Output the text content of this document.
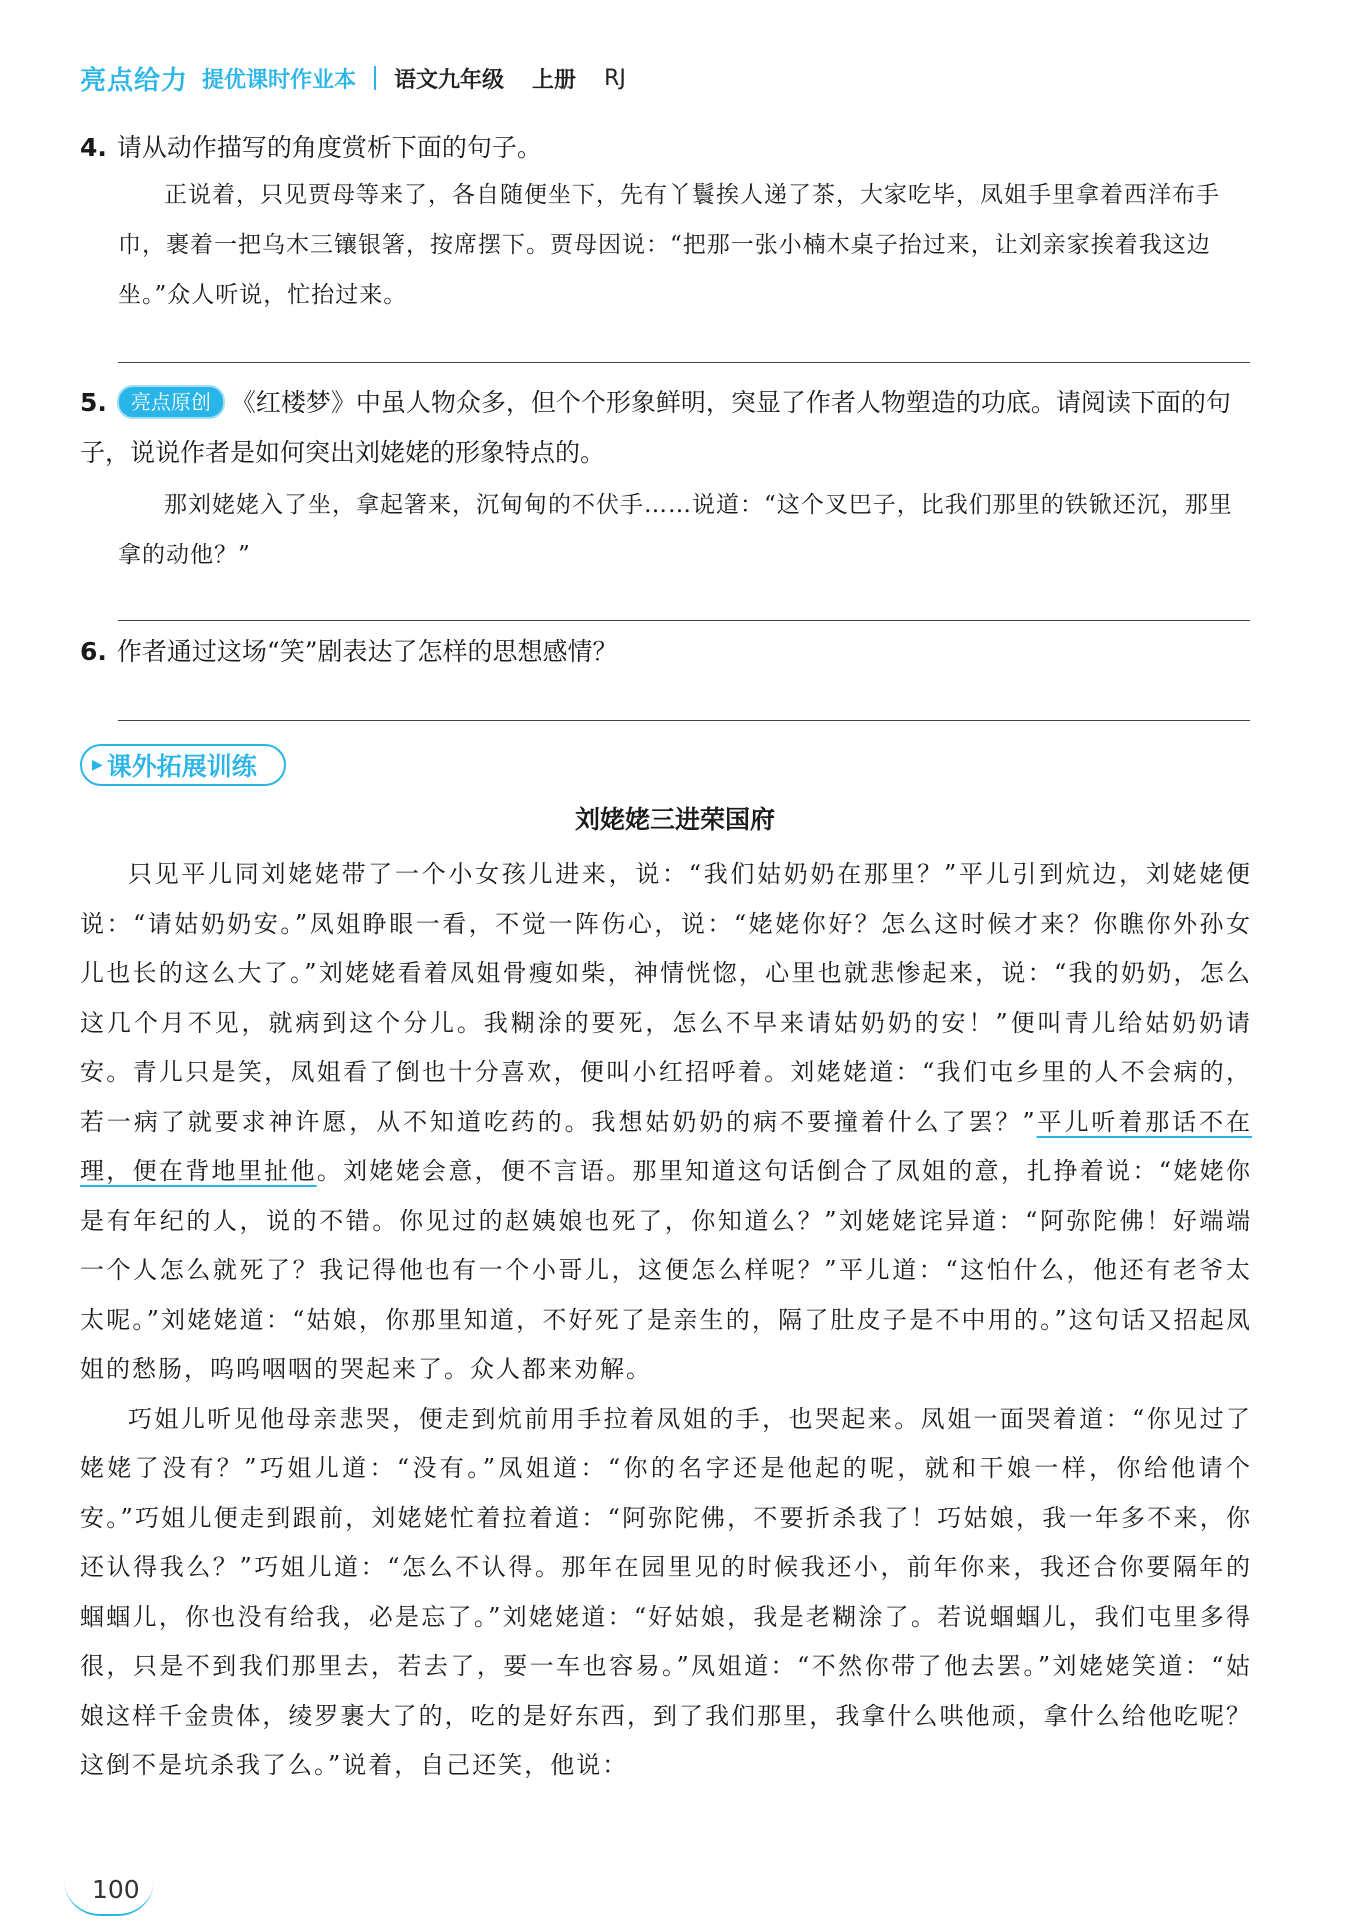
亮点给力 提优课时作业本 语文九年级 上册 RJ
4. 请从动作描写的角度赏析下面的句子。
正说着，只见贾母等来了，各自随便坐下，先有丫鬟挨人递了茶，大家吃毕，凤姐手里拿着西洋布手巾，裹着一把乌木三镶银箸，按席摆下。贾母因说：“把那一张小楠木桌子抬过来，让刘亲家挨着我这边坐。”众人听说，忙抬过来。
5. 亮点原创 《红楼梦》中虽人物众多，但个个形象鲜明，突显了作者人物塑造的功底。请阅读下面的句子，说说作者是如何突出刘姥姥的形象特点的。
那刘姥姥入了坐，拿起箸来，沉甸甸的不伏手……说道：“这个叉巴子，比我们那里的铁锨还沉，那里拿的动他？”
6. 作者通过这场“笑”剧表达了怎样的思想感情？
▶ 课外拓展训练
刘姥姥三进荣国府

只见平儿同刘姥姥带了一个小女孩儿进来，说：“我们姑奶奶在那里？”平儿引到炕边，刘姥姥便说：“请姑奶奶安。”凤姐睁眼一看，不觉一阵伤心，说：“姥姥你好？怎么这时候才来？你瞧你外孙女儿也长的这么大了。”刘姥姥看着凤姐骨瘦如柴，神情恍惚，心里也就悲惨起来，说：“我的奶奶，怎么这几个月不见，就病到这个分儿。我糊涂的要死，怎么不早来请姑奶奶的安！”便叫青儿给姑奶奶请安。青儿只是笑，凤姐看了倒也十分喜欢，便叫小红招呼着。刘姥姥道：“我们屯乡里的人不会病的，若一病了就要求神许愿，从不知道吃药的。我想姑奶奶的病不要撞着什么了罢？”平儿听着那话不在理，便在背地里扯他。刘姥姥会意，便不言语。那里知道这句话倒合了凤姐的意，扎挣着说：“姥姥你是有年纪的人，说的不错。你见过的赵姨娘也死了，你知道么？”刘姥姥诧异道：“阿弥陀佛！好端端一个人怎么就死了？我记得他也有一个小哥儿，这便怎么样呢？”平儿道：“这怕什么，他还有老爷太太呢。”刘姥姥道：“姑娘，你那里知道，不好死了是亲生的，隔了肚皮子是不中用的。”这句话又招起凤姐的愁肠，呜呜咽咽的哭起来了。众人都来劝解。

巧姐儿听见他母亲悲哭，便走到炕前用手拉着凤姐的手，也哭起来。凤姐一面哭着道：“你见过了姥姥了没有？”巧姐儿道：“没有。”凤姐道：“你的名字还是他起的呢，就和干娘一样，你给他请个安。”巧姐儿便走到跟前，刘姥姥忙着拉着道：“阿弥陀佛，不要折杀我了！巧姑娘，我一年多不来，你还认得我么？”巧姐儿道：“怎么不认得。那年在园里见的时候我还小，前年你来，我还合你要隔年的蝈蝈儿，你也没有给我，必是忘了。”刘姥姥道：“好姑娘，我是老糊涂了。若说蝈蝈儿，我们屯里多得很，只是不到我们那里去，若去了，要一车也容易。”凤姐道：“不然你带了他去罢。”刘姥姥笑道：“姑娘这样千金贵体，绫罗裹大了的，吃的是好东西，到了我们那里，我拿什么哄他顽，拿什么给他吃呢？这倒不是坑杀我了么。”说着，自己还笑，他说：

100
